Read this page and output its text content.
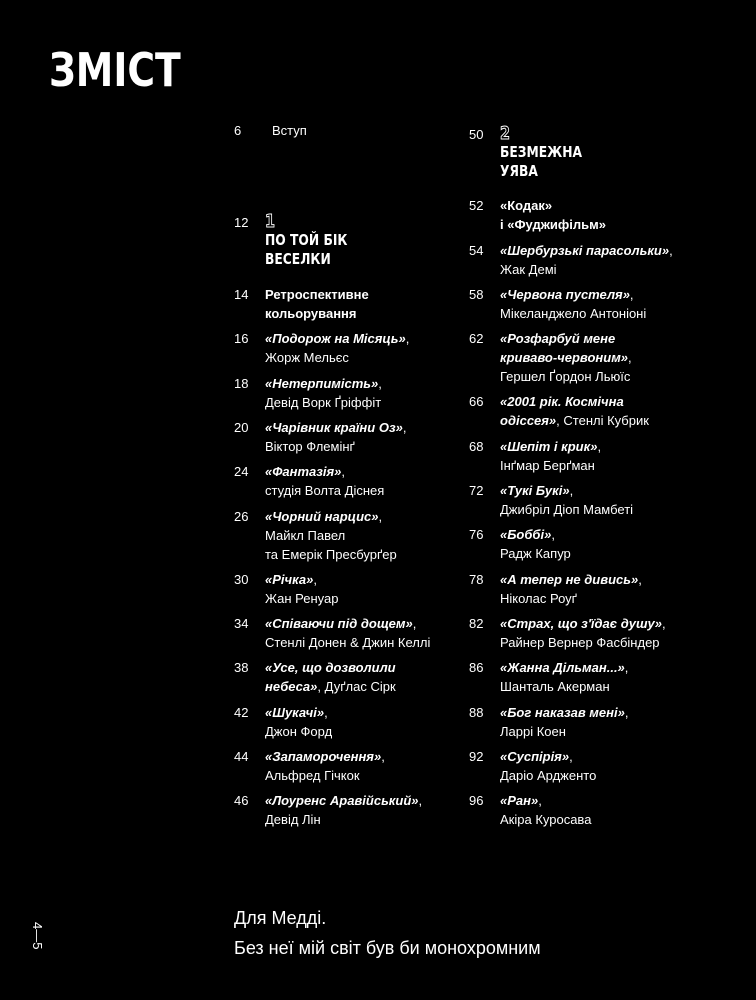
ЗМІСТ
6	Вступ
12 1
ПО ТОЙ БІК
ВЕСЕЛКИ
14	Ретроспективне
кольорування
16	«Подорож на Місяць»,
Жорж Мельєс
18	«Нетерпимість»,
Девід Ворк Ґріффіт
20	«Чарівник країни Оз»,
Віктор Флемінґ
24	«Фантазія»,
студія Волта Діснея
26	«Чорний нарцис»,
Майкл Павел
та Емерік Пресбурґер
30	«Річка»,
Жан Ренуар
34	«Співаючи під дощем»,
Стенлі Донен & Джин Келлі
38	«Усе, що дозволили
небеса», Дуґлас Сірк
42	«Шукачі»,
Джон Форд
44	«Запаморочення»,
Альфред Гічкок
46	«Лоуренс Аравійський»,
Девід Лін
50 2
БЕЗМЕЖНА
УЯВА
52	«Кодак»
і «Фуджифільм»
54	«Шербурзькі парасольки»,
Жак Демі
58	«Червона пустеля»,
Мікеланджело Антоніоні
62	«Розфарбуй мене
криваво-червоним»,
Гершел Ґордон Льюїс
66	«2001 рік. Космічна
одіссея», Стенлі Кубрик
68	«Шепіт і крик»,
Інґмар Берґман
72	«Тукі Букі»,
Джибріл Діоп Мамбеті
76	«Боббі»,
Радж Капур
78	«А тепер не дивись»,
Ніколас Роуґ
82	«Страх, що з'їдає душу»,
Райнер Вернер Фасбіндер
86	«Жанна Дільман...»,
Шанталь Акерман
88	«Бог наказав мені»,
Ларрі Коен
92	«Суспірія»,
Даріо Ардженто
96	«Ран»,
Акіра Куросава
4—5
Для Медді.
Без неї мій світ був би монохромним
